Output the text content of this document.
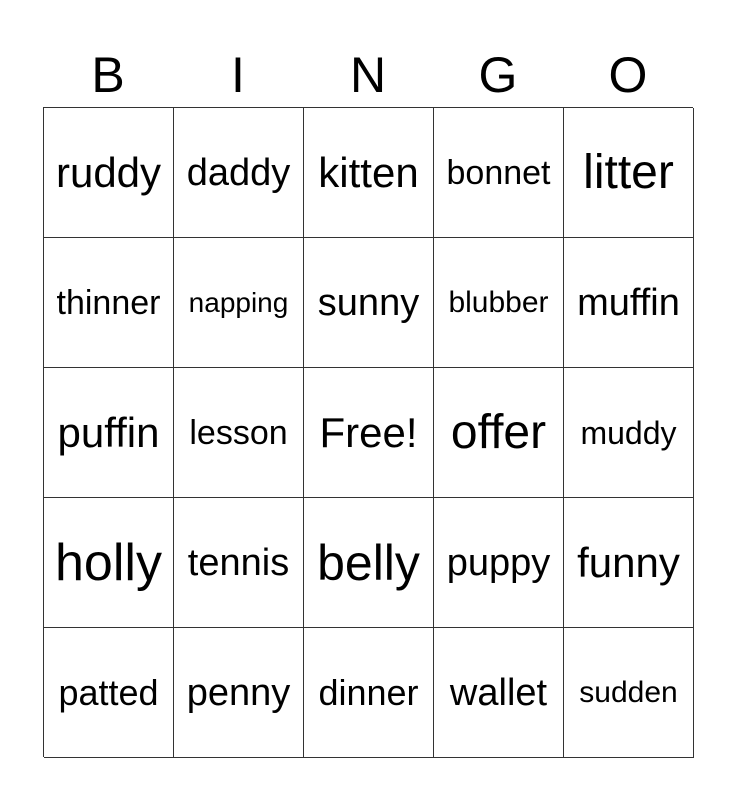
B	I	N	G	O
ruddy daddy kitten bonnet litter
thinner	napping sunny blubber muffin
puffin lesson Free! offer	muddy
holly tennis belly puppy funny
patted penny dinner wallet	sudden
